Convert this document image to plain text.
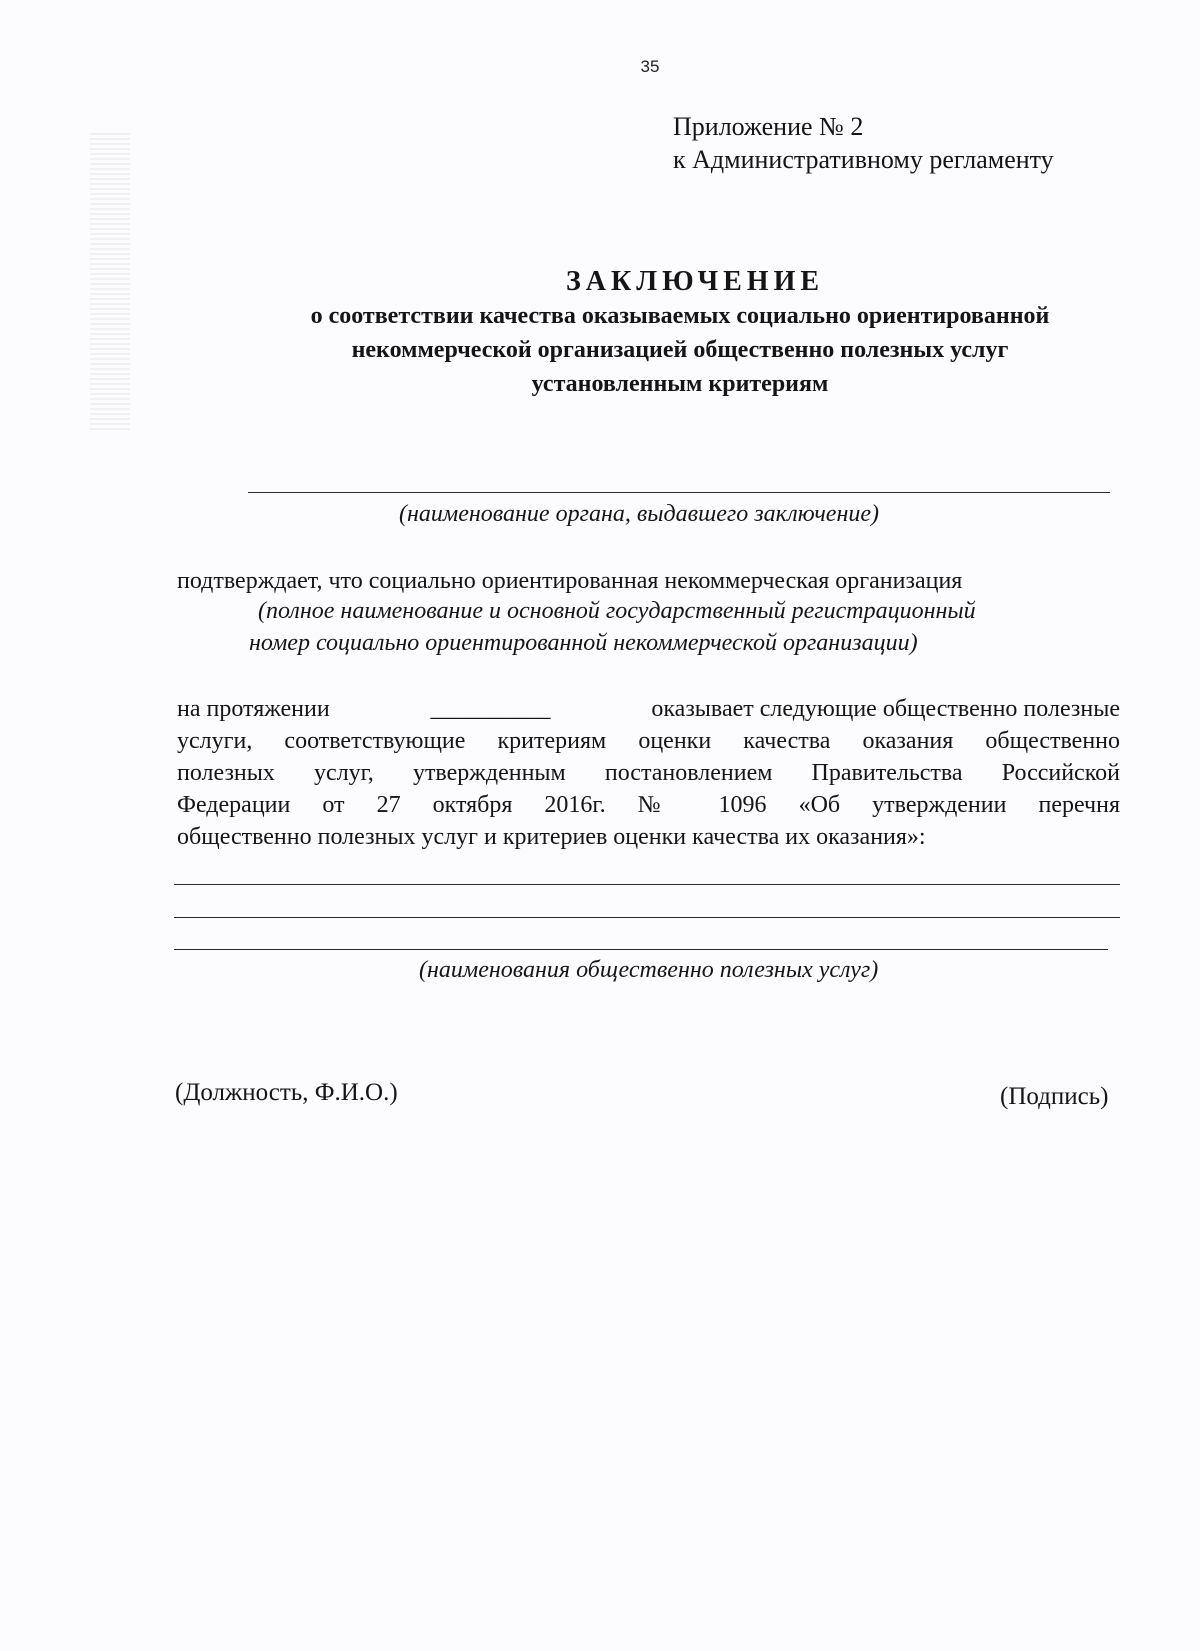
35
Приложение № 2
к Административному регламенту
ЗАКЛЮЧЕНИЕ
о соответствии качества оказываемых социально ориентированной
некоммерческой организацией общественно полезных услуг
установленным критериям
(наименование органа, выдавшего заключение)
подтверждает, что социально ориентированная некоммерческая организация
(полное наименование и основной государственный регистрационный
номер социально ориентированной некоммерческой организации)
на протяжении	__________	оказывает следующие общественно полезные
услуги, соответствующие критериям оценки качества оказания общественно
полезных услуг, утвержденным постановлением Правительства Российской
Федерации от 27 октября 2016г. № 1096 «Об утверждении перечня
общественно полезных услуг и критериев оценки качества их оказания»:
(наименования общественно полезных услуг)
(Должность, Ф.И.О.)	(Подпись)
